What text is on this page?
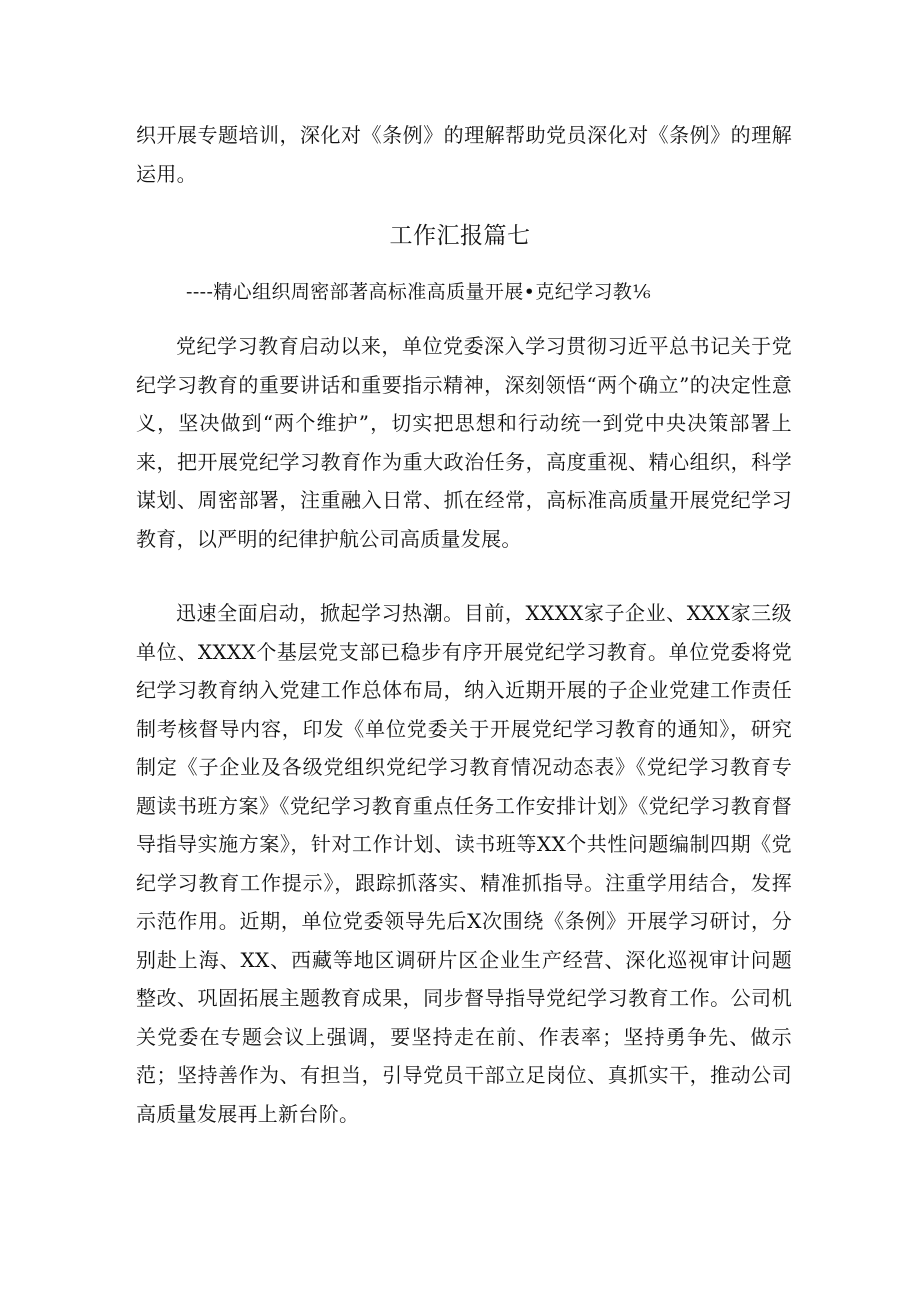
织开展专题培训，深化对《条例》的理解帮助党员深化对《条例》的理解运用。

工作汇报篇七
----精心组织周密部著高标准高质量开展•克纪学习教⅙

党纪学习教育启动以来，单位党委深入学习贯彻习近平总书记关于党纪学习教育的重要讲话和重要指示精神，深刻领悟“两个确立”的决定性意义，坚决做到“两个维护”，切实把思想和行动统一到党中央决策部署上来，把开展党纪学习教育作为重大政治任务，高度重视、精心组织，科学谋划、周密部署，注重融入日常、抓在经常，高标准高质量开展党纪学习教育，以严明的纪律护航公司高质量发展。

迅速全面启动，掀起学习热潮。目前，XXXX家子企业、XXX家三级单位、XXXX个基层党支部已稳步有序开展党纪学习教育。单位党委将党纪学习教育纳入党建工作总体布局，纳入近期开展的子企业党建工作责任制考核督导内容，印发《单位党委关于开展党纪学习教育的通知》，研究制定《子企业及各级党组织党纪学习教育情况动态表》《党纪学习教育专题读书班方案》《党纪学习教育重点任务工作安排计划》《党纪学习教育督导指导实施方案》，针对工作计划、读书班等XX个共性问题编制四期《党纪学习教育工作提示》，跟踪抓落实、精准抓指导。注重学用结合，发挥示范作用。近期，单位党委领导先后X次围绕《条例》开展学习研讨，分别赴上海、XX、西藏等地区调研片区企业生产经营、深化巡视审计问题整改、巩固拓展主题教育成果，同步督导指导党纪学习教育工作。公司机关党委在专题会议上强调，要坚持走在前、作表率；坚持勇争先、做示范；坚持善作为、有担当，引导党员干部立足岗位、真抓实干，推动公司高质量发展再上新台阶。
